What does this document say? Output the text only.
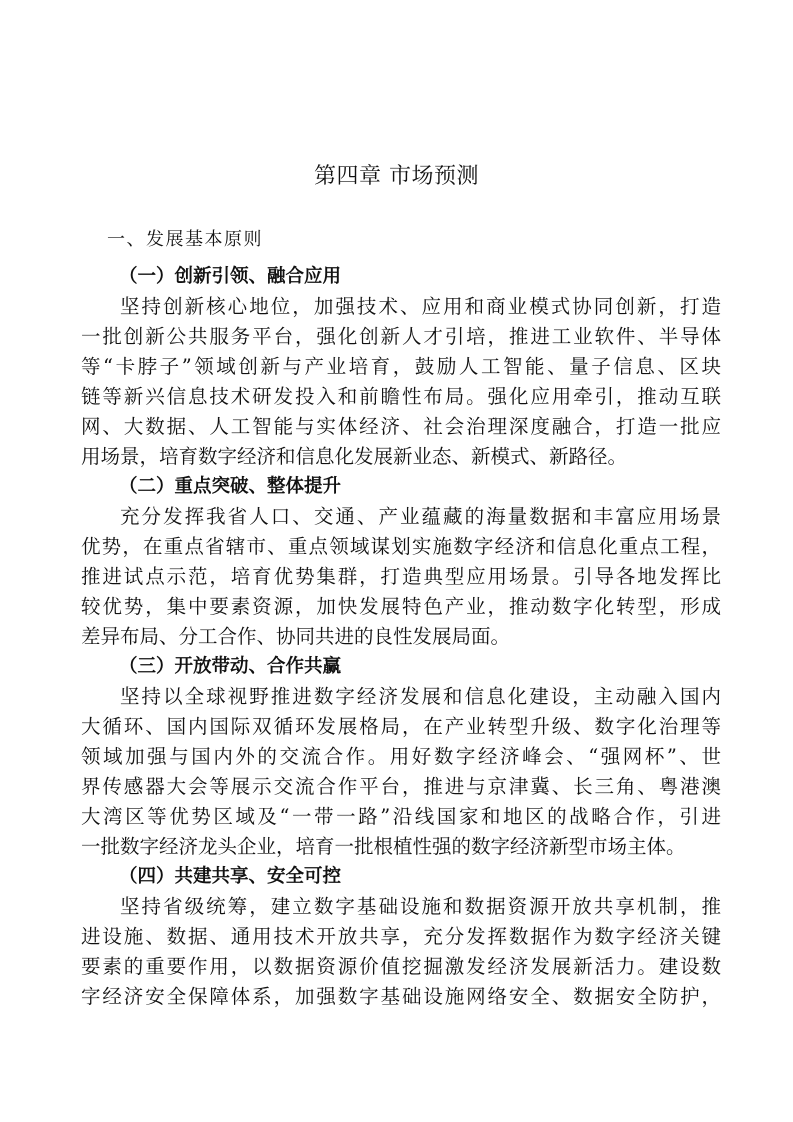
第四章 市场预测
一、发展基本原则
（一）创新引领、融合应用

坚持创新核心地位，加强技术、应用和商业模式协同创新，打造
一批创新公共服务平台，强化创新人才引培，推进工业软件、半导体
等“卡脖子”领域创新与产业培育，鼓励人工智能、量子信息、区块
链等新兴信息技术研发投入和前瞻性布局。强化应用牵引，推动互联
网、大数据、人工智能与实体经济、社会治理深度融合，打造一批应
用场景，培育数字经济和信息化发展新业态、新模式、新路径。

（二）重点突破、整体提升

充分发挥我省人口、交通、产业蕴藏的海量数据和丰富应用场景
优势，在重点省辖市、重点领域谋划实施数字经济和信息化重点工程，
推进试点示范，培育优势集群，打造典型应用场景。引导各地发挥比
较优势，集中要素资源，加快发展特色产业，推动数字化转型，形成
差异布局、分工合作、协同共进的良性发展局面。

（三）开放带动、合作共赢

坚持以全球视野推进数字经济发展和信息化建设，主动融入国内
大循环、国内国际双循环发展格局，在产业转型升级、数字化治理等
领域加强与国内外的交流合作。用好数字经济峰会、“强网杯”、世
界传感器大会等展示交流合作平台，推进与京津冀、长三角、粤港澳
大湾区等优势区域及“一带一路”沿线国家和地区的战略合作，引进
一批数字经济龙头企业，培育一批根植性强的数字经济新型市场主体。

（四）共建共享、安全可控

坚持省级统筹，建立数字基础设施和数据资源开放共享机制，推
进设施、数据、通用技术开放共享，充分发挥数据作为数字经济关键
要素的重要作用，以数据资源价值挖掘激发经济发展新活力。建设数
字经济安全保障体系，加强数字基础设施网络安全、数据安全防护，
